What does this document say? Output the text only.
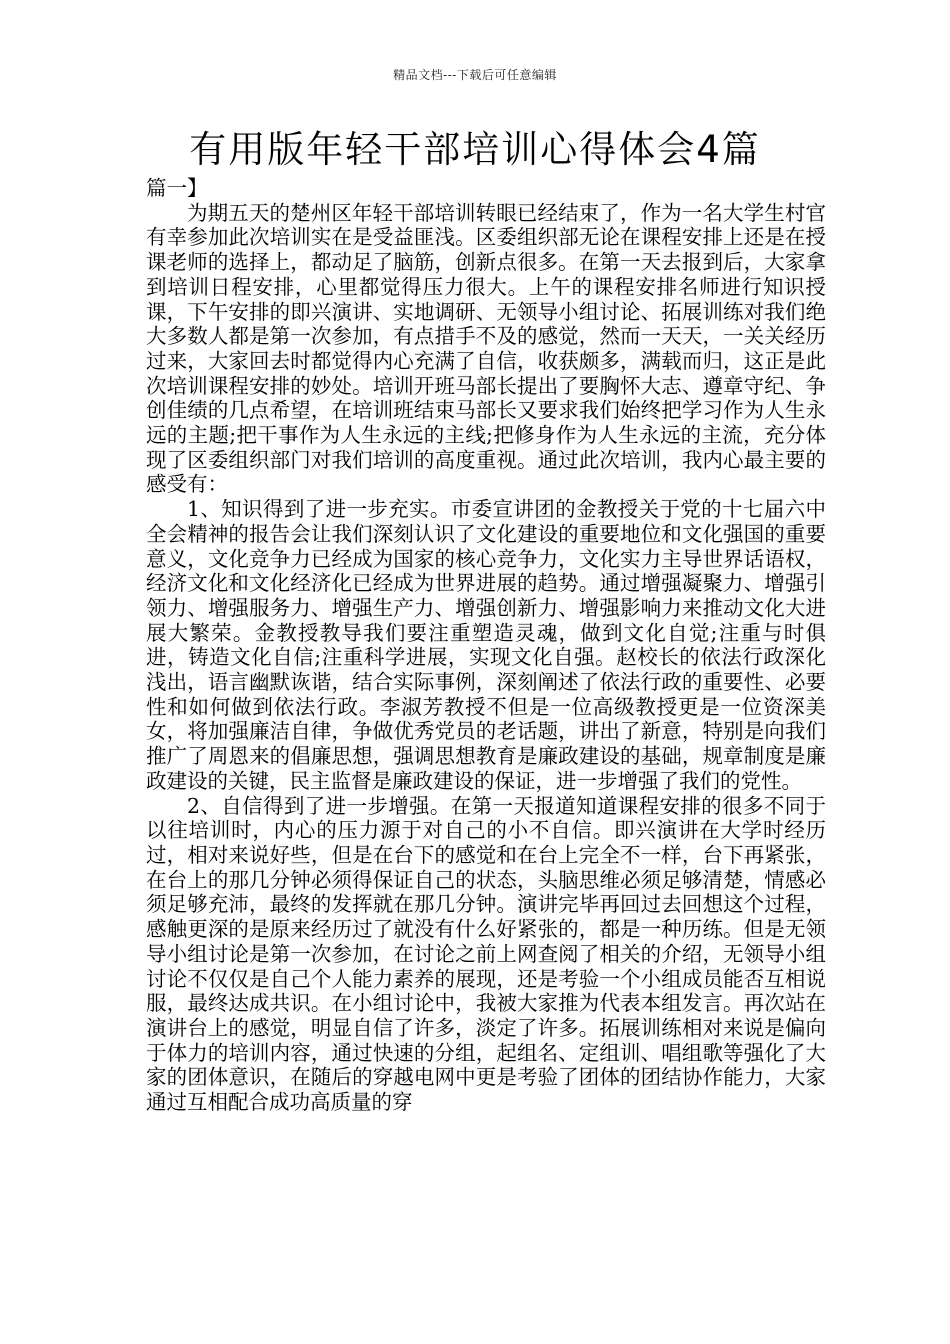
精品文档---下载后可任意编辑
有用版年轻干部培训心得体会4篇

篇一】

为期五天的楚州区年轻干部培训转眼已经结束了，作为一名大学生村官有幸参加此次培训实在是受益匪浅。区委组织部无论在课程安排上还是在授课老师的选择上，都动足了脑筋，创新点很多。在第一天去报到后，大家拿到培训日程安排，心里都觉得压力很大。上午的课程安排名师进行知识授课，下午安排的即兴演讲、实地调研、无领导小组讨论、拓展训练对我们绝大多数人都是第一次参加，有点措手不及的感觉，然而一天天，一关关经历过来，大家回去时都觉得内心充满了自信，收获颇多，满载而归，这正是此次培训课程安排的妙处。培训开班马部长提出了要胸怀大志、遵章守纪、争创佳绩的几点希望，在培训班结束马部长又要求我们始终把学习作为人生永远的主题;把干事作为人生永远的主线;把修身作为人生永远的主流，充分体现了区委组织部门对我们培训的高度重视。通过此次培训，我内心最主要的感受有：

1、知识得到了进一步充实。市委宣讲团的金教授关于党的十七届六中全会精神的报告会让我们深刻认识了文化建设的重要地位和文化强国的重要意义，文化竞争力已经成为国家的核心竞争力，文化实力主导世界话语权，经济文化和文化经济化已经成为世界进展的趋势。通过增强凝聚力、增强引领力、增强服务力、增强生产力、增强创新力、增强影响力来推动文化大进展大繁荣。金教授教导我们要注重塑造灵魂，做到文化自觉;注重与时俱进，铸造文化自信;注重科学进展，实现文化自强。赵校长的依法行政深化浅出，语言幽默诙谐，结合实际事例，深刻阐述了依法行政的重要性、必要性和如何做到依法行政。李淑芳教授不但是一位高级教授更是一位资深美女，将加强廉洁自律，争做优秀党员的老话题，讲出了新意，特别是向我们推广了周恩来的倡廉思想，强调思想教育是廉政建设的基础，规章制度是廉政建设的关键，民主监督是廉政建设的保证，进一步增强了我们的党性。

2、自信得到了进一步增强。在第一天报道知道课程安排的很多不同于以往培训时，内心的压力源于对自己的小不自信。即兴演讲在大学时经历过，相对来说好些，但是在台下的感觉和在台上完全不一样，台下再紧张，在台上的那几分钟必须得保证自己的状态，头脑思维必须足够清楚，情感必须足够充沛，最终的发挥就在那几分钟。演讲完毕再回过去回想这个过程，感触更深的是原来经历过了就没有什么好紧张的，都是一种历练。但是无领导小组讨论是第一次参加，在讨论之前上网查阅了相关的介绍，无领导小组讨论不仅仅是自己个人能力素养的展现，还是考验一个小组成员能否互相说服，最终达成共识。在小组讨论中，我被大家推为代表本组发言。再次站在演讲台上的感觉，明显自信了许多，淡定了许多。拓展训练相对来说是偏向于体力的培训内容，通过快速的分组，起组名、定组训、唱组歌等强化了大家的团体意识，在随后的穿越电网中更是考验了团体的团结协作能力，大家通过互相配合成功高质量的穿
